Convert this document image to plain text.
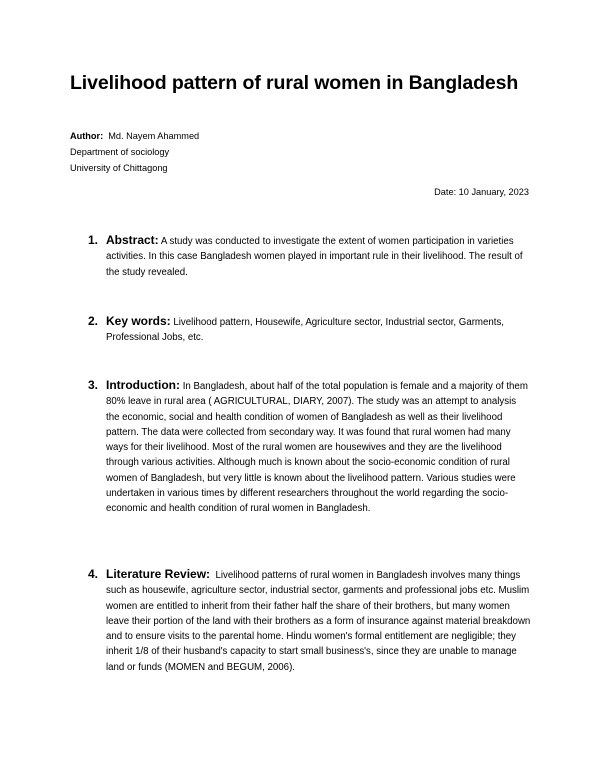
Livelihood pattern of rural women in Bangladesh
Author: Md. Nayem Ahammed
Department of sociology
University of Chittagong
Date: 10 January, 2023
1. Abstract: A study was conducted to investigate the extent of women participation in varieties activities. In this case Bangladesh women played in important rule in their livelihood. The result of the study revealed.
2. Key words: Livelihood pattern, Housewife, Agriculture sector, Industrial sector, Garments, Professional Jobs, etc.
3. Introduction: In Bangladesh, about half of the total population is female and a majority of them 80% leave in rural area ( AGRICULTURAL, DIARY, 2007). The study was an attempt to analysis the economic, social and health condition of women of Bangladesh as well as their livelihood pattern. The data were collected from secondary way. It was found that rural women had many ways for their livelihood. Most of the rural women are housewives and they are the livelihood through various activities. Although much is known about the socio-economic condition of rural women of Bangladesh, but very little is known about the livelihood pattern. Various studies were undertaken in various times by different researchers throughout the world regarding the socio-economic and health condition of rural women in Bangladesh.
4. Literature Review: Livelihood patterns of rural women in Bangladesh involves many things such as housewife, agriculture sector, industrial sector, garments and professional jobs etc. Muslim women are entitled to inherit from their father half the share of their brothers, but many women leave their portion of the land with their brothers as a form of insurance against material breakdown and to ensure visits to the parental home. Hindu women's formal entitlement are negligible; they inherit 1/8 of their husband's capacity to start small business's, since they are unable to manage land or funds (MOMEN and BEGUM, 2006).
